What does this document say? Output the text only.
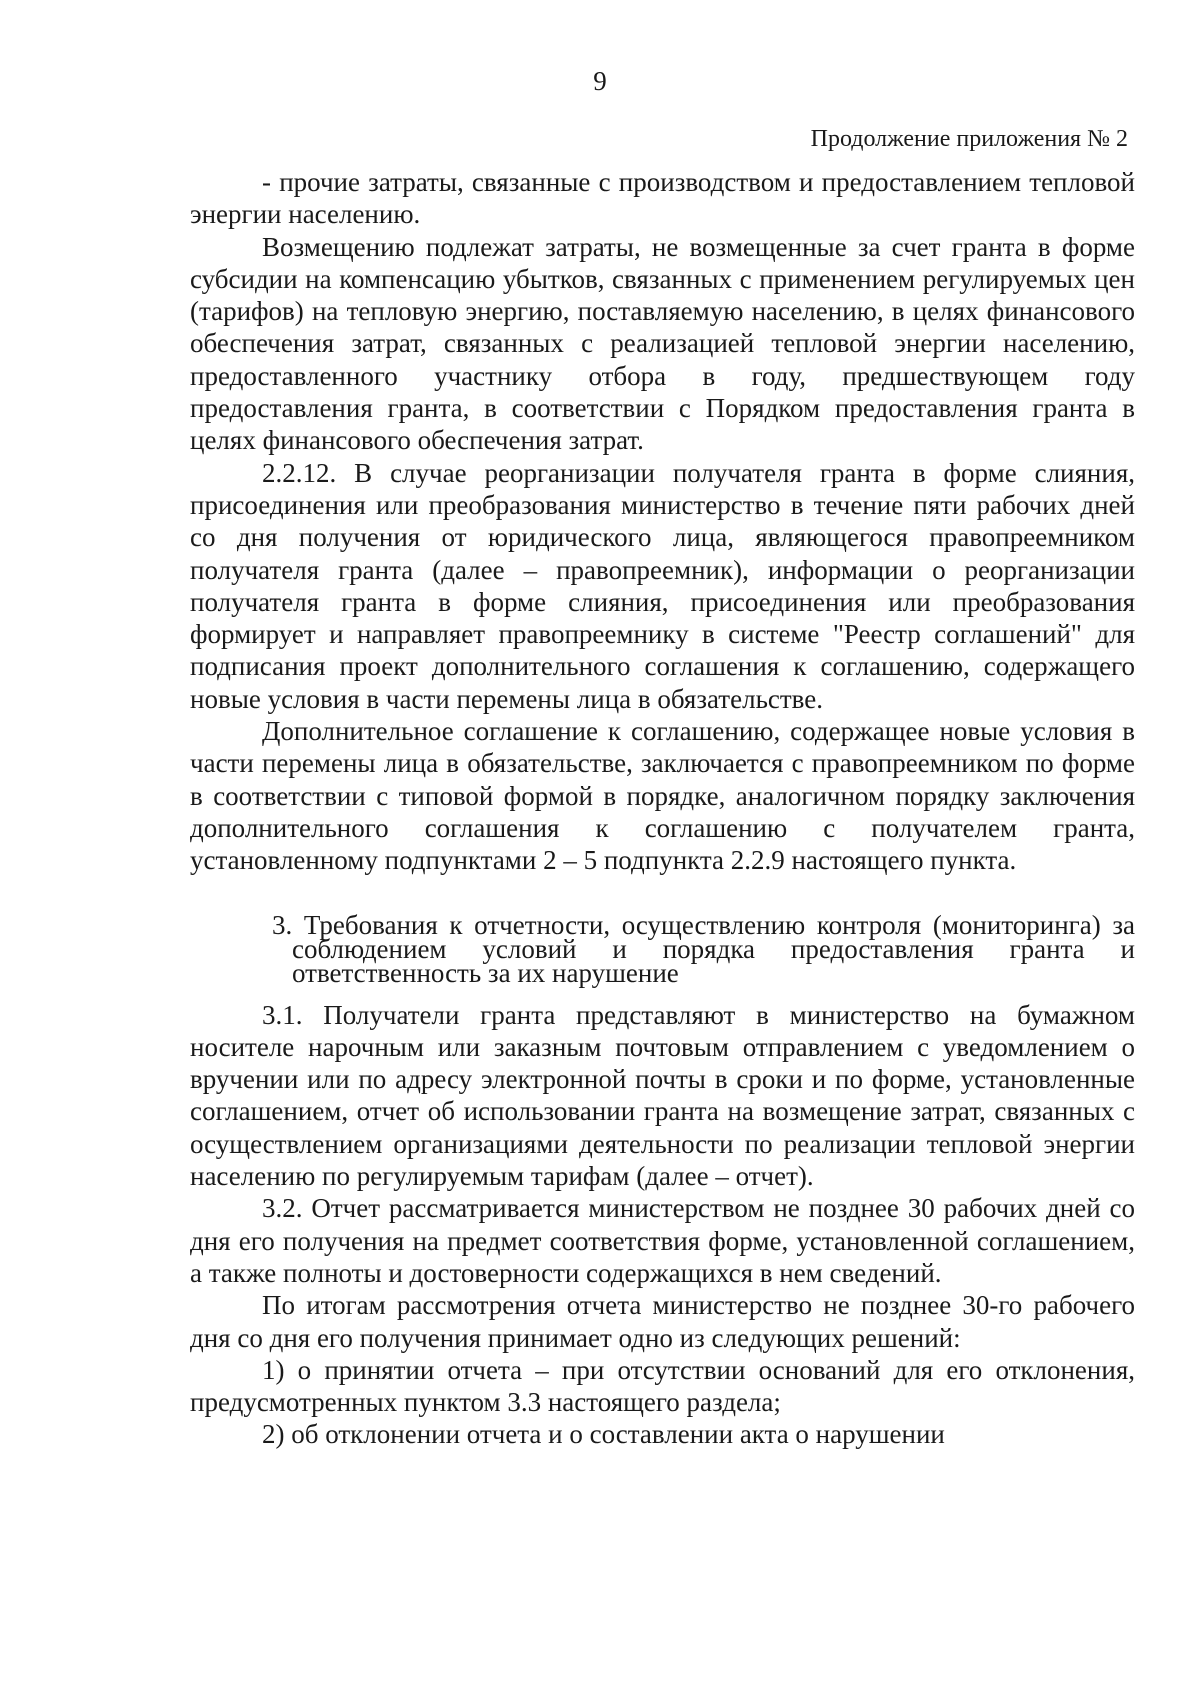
9
Продолжение приложения № 2

- прочие затраты, связанные с производством и предоставлением тепловой энергии населению.

Возмещению подлежат затраты, не возмещенные за счет гранта в форме субсидии на компенсацию убытков, связанных с применением регулируемых цен (тарифов) на тепловую энергию, поставляемую населению, в целях финансового обеспечения затрат, связанных с реализацией тепловой энергии населению, предоставленного участнику отбора в году, предшествующем году предоставления гранта, в соответствии с Порядком предоставления гранта в целях финансового обеспечения затрат.

2.2.12. В случае реорганизации получателя гранта в форме слияния, присоединения или преобразования министерство в течение пяти рабочих дней со дня получения от юридического лица, являющегося правопреемником получателя гранта (далее – правопреемник), информации о реорганизации получателя гранта в форме слияния, присоединения или преобразования формирует и направляет правопреемнику в системе "Реестр соглашений" для подписания проект дополнительного соглашения к соглашению, содержащего новые условия в части перемены лица в обязательстве.

Дополнительное соглашение к соглашению, содержащее новые условия в части перемены лица в обязательстве, заключается с правопреемником по форме в соответствии с типовой формой в порядке, аналогичном порядку заключения дополнительного соглашения к соглашению с получателем гранта, установленному подпунктами 2 – 5 подпункта 2.2.9 настоящего пункта.

3. Требования к отчетности, осуществлению контроля (мониторинга) за соблюдением условий и порядка предоставления гранта и ответственность за их нарушение

3.1. Получатели гранта представляют в министерство на бумажном носителе нарочным или заказным почтовым отправлением с уведомлением о вручении или по адресу электронной почты в сроки и по форме, установленные соглашением, отчет об использовании гранта на возмещение затрат, связанных с осуществлением организациями деятельности по реализации тепловой энергии населению по регулируемым тарифам (далее – отчет).

3.2. Отчет рассматривается министерством не позднее 30 рабочих дней со дня его получения на предмет соответствия форме, установленной соглашением, а также полноты и достоверности содержащихся в нем сведений.

По итогам рассмотрения отчета министерство не позднее 30-го рабочего дня со дня его получения принимает одно из следующих решений:

1) о принятии отчета – при отсутствии оснований для его отклонения, предусмотренных пунктом 3.3 настоящего раздела;

2) об отклонении отчета и о составлении акта о нарушении
